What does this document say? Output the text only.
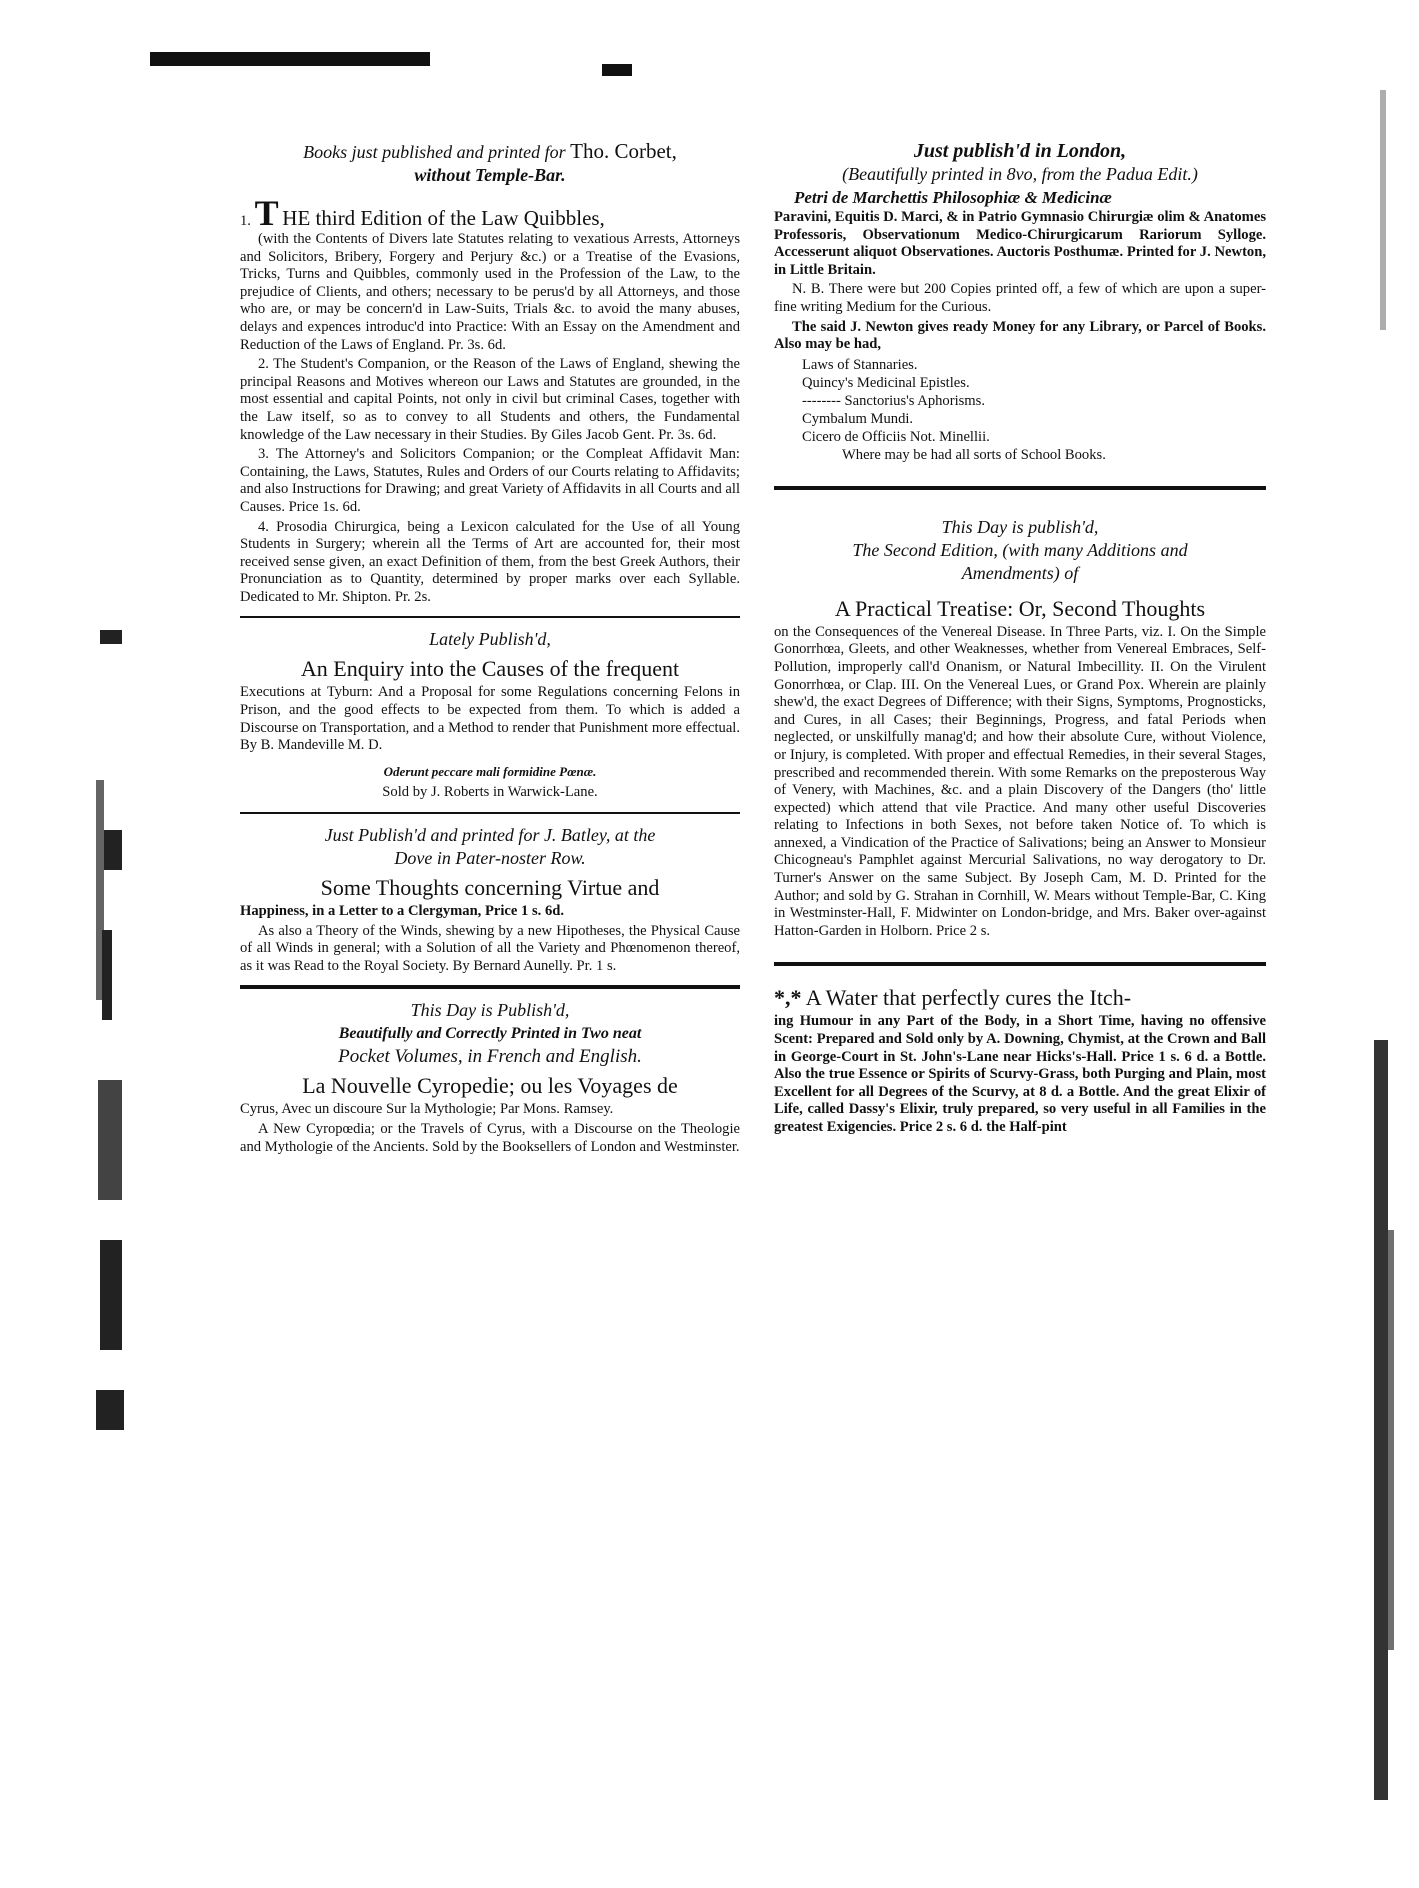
Books just published and printed for Tho. Corbet,
without Temple-Bar.
1. T HE third Edition of the Law Quibbles,

(with the Contents of Divers late Statutes relating to vexatious Arrests, Attorneys and Solicitors, Bribery, Forgery and Perjury &c.) or a Treatise of the Evasions, Tricks, Turns and Quibbles, commonly used in the Profession of the Law, to the prejudice of Clients, and others; necessary to be perus'd by all Attorneys, and those who are, or may be concern'd in Law-Suits, Trials &c. to avoid the many abuses, delays and expences introduc'd into Practice: With an Essay on the Amendment and Reduction of the Laws of England. Pr. 3s. 6d.

2. The Student's Companion, or the Reason of the Laws of England, shewing the principal Reasons and Motives whereon our Laws and Statutes are grounded, in the most essential and capital Points, not only in civil but criminal Cases, together with the Law itself, so as to convey to all Students and others, the Fundamental knowledge of the Law necessary in their Studies. By Giles Jacob Gent. Pr. 3s. 6d.

3. The Attorney's and Solicitors Companion; or the Compleat Affidavit Man: Containing, the Laws, Statutes, Rules and Orders of our Courts relating to Affidavits; and also Instructions for Drawing; and great Variety of Affidavits in all Courts and all Causes. Price 1s. 6d.

4. Prosodia Chirurgica, being a Lexicon calculated for the Use of all Young Students in Surgery; wherein all the Terms of Art are accounted for, their most received sense given, an exact Definition of them, from the best Greek Authors, their Pronunciation as to Quantity, determined by proper marks over each Syllable. Dedicated to Mr. Shipton. Pr. 2s.

Lately Publish'd,
An Enquiry into the Causes of the frequent

Executions at Tyburn: And a Proposal for some Regulations concerning Felons in Prison, and the good effects to be expected from them. To which is added a Discourse on Transportation, and a Method to render that Punishment more effectual. By B. Mandeville M. D.

Oderunt peccare mali formidine Pœnæ.
Sold by J. Roberts in Warwick-Lane.
Just Publish'd and printed for J. Batley, at the
Dove in Pater-noster Row.
Some Thoughts concerning Virtue and

Happiness, in a Letter to a Clergyman, Price 1 s. 6d.

As also a Theory of the Winds, shewing by a new Hipotheses, the Physical Cause of all Winds in general; with a Solution of all the Variety and Phœnomenon thereof, as it was Read to the Royal Society. By Bernard Aunelly. Pr. 1 s.

This Day is Publish'd,
Beautifully and Correctly Printed in Two neat
Pocket Volumes, in French and English.
La Nouvelle Cyropedie; ou les Voyages de

Cyrus, Avec un discoure Sur la Mythologie; Par Mons. Ramsey.

A New Cyropœdia; or the Travels of Cyrus, with a Discourse on the Theologie and Mythologie of the Ancients. Sold by the Booksellers of London and Westminster.

Just publish'd in London,
(Beautifully printed in 8vo, from the Padua Edit.)
Petri de Marchettis Philosophiæ & Medicinæ

Paravini, Equitis D. Marci, & in Patrio Gymnasio Chirurgiæ olim & Anatomes Professoris, Observationum Medico-Chirurgicarum Rariorum Sylloge. Accesserunt aliquot Observationes. Auctoris Posthumæ. Printed for J. Newton, in Little Britain.

N. B. There were but 200 Copies printed off, a few of which are upon a super-fine writing Medium for the Curious.

The said J. Newton gives ready Money for any Library, or Parcel of Books. Also may be had,

Laws of Stannaries.
Quincy's Medicinal Epistles.
-------- Sanctorius's Aphorisms.
Cymbalum Mundi.
Cicero de Officiis Not. Minellii.
Where may be had all sorts of School Books.
This Day is publish'd,
The Second Edition, (with many Additions and
Amendments) of
A Practical Treatise: Or, Second Thoughts

on the Consequences of the Venereal Disease. In Three Parts, viz. I. On the Simple Gonorrhœa, Gleets, and other Weaknesses, whether from Venereal Embraces, Self-Pollution, improperly call'd Onanism, or Natural Imbecillity. II. On the Virulent Gonorrhœa, or Clap. III. On the Venereal Lues, or Grand Pox. Wherein are plainly shew'd, the exact Degrees of Difference; with their Signs, Symptoms, Prognosticks, and Cures, in all Cases; their Beginnings, Progress, and fatal Periods when neglected, or unskilfully manag'd; and how their absolute Cure, without Violence, or Injury, is completed. With proper and effectual Remedies, in their several Stages, prescribed and recommended therein. With some Remarks on the preposterous Way of Venery, with Machines, &c. and a plain Discovery of the Dangers (tho' little expected) which attend that vile Practice. And many other useful Discoveries relating to Infections in both Sexes, not before taken Notice of. To which is annexed, a Vindication of the Practice of Salivations; being an Answer to Monsieur Chicogneau's Pamphlet against Mercurial Salivations, no way derogatory to Dr. Turner's Answer on the same Subject. By Joseph Cam, M. D. Printed for the Author; and sold by G. Strahan in Cornhill, W. Mears without Temple-Bar, C. King in Westminster-Hall, F. Midwinter on London-bridge, and Mrs. Baker over-against Hatton-Garden in Holborn. Price 2 s.

*,* A Water that perfectly cures the Itch-

ing Humour in any Part of the Body, in a Short Time, having no offensive Scent: Prepared and Sold only by A. Downing, Chymist, at the Crown and Ball in George-Court in St. John's-Lane near Hicks's-Hall. Price 1 s. 6 d. a Bottle. Also the true Essence or Spirits of Scurvy-Grass, both Purging and Plain, most Excellent for all Degrees of the Scurvy, at 8 d. a Bottle. And the great Elixir of Life, called Dassy's Elixir, truly prepared, so very useful in all Families in the greatest Exigencies. Price 2 s. 6 d. the Half-pint
